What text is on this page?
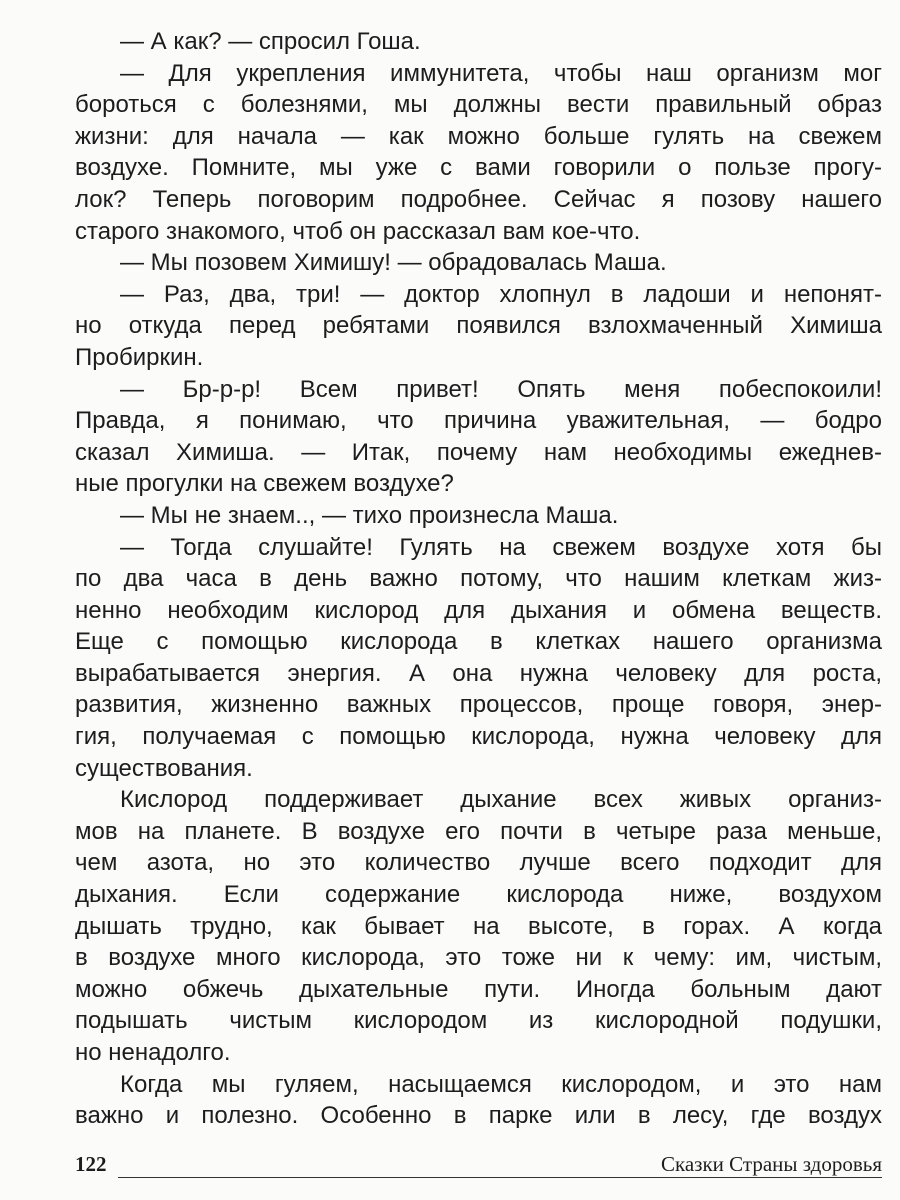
— А как? — спросил Гоша.
— Для укрепления иммунитета, чтобы наш организм мог
бороться с болезнями, мы должны вести правильный образ
жизни: для начала — как можно больше гулять на свежем
воздухе. Помните, мы уже с вами говорили о пользе прогу-
лок? Теперь поговорим подробнее. Сейчас я позову нашего
старого знакомого, чтоб он рассказал вам кое-что.
— Мы позовем Химишу! — обрадовалась Маша.
— Раз, два, три! — доктор хлопнул в ладоши и непонят-
но откуда перед ребятами появился взлохмаченный Химиша
Пробиркин.
— Бр-р-р! Всем привет! Опять меня побеспокоили!
Правда, я понимаю, что причина уважительная, — бодро
сказал Химиша. — Итак, почему нам необходимы ежеднев-
ные прогулки на свежем воздухе?
— Мы не знаем.., — тихо произнесла Маша.
— Тогда слушайте! Гулять на свежем воздухе хотя бы
по два часа в день важно потому, что нашим клеткам жиз-
ненно необходим кислород для дыхания и обмена веществ.
Еще с помощью кислорода в клетках нашего организма
вырабатывается энергия. А она нужна человеку для роста,
развития, жизненно важных процессов, проще говоря, энер-
гия, получаемая с помощью кислорода, нужна человеку для
существования.
Кислород поддерживает дыхание всех живых организ-
мов на планете. В воздухе его почти в четыре раза меньше,
чем азота, но это количество лучше всего подходит для
дыхания. Если содержание кислорода ниже, воздухом
дышать трудно, как бывает на высоте, в горах. А когда
в воздухе много кислорода, это тоже ни к чему: им, чистым,
можно обжечь дыхательные пути. Иногда больным дают
подышать чистым кислородом из кислородной подушки,
но ненадолго.
Когда мы гуляем, насыщаемся кислородом, и это нам
важно и полезно. Особенно в парке или в лесу, где воздух
122	Сказки Страны здоровья
